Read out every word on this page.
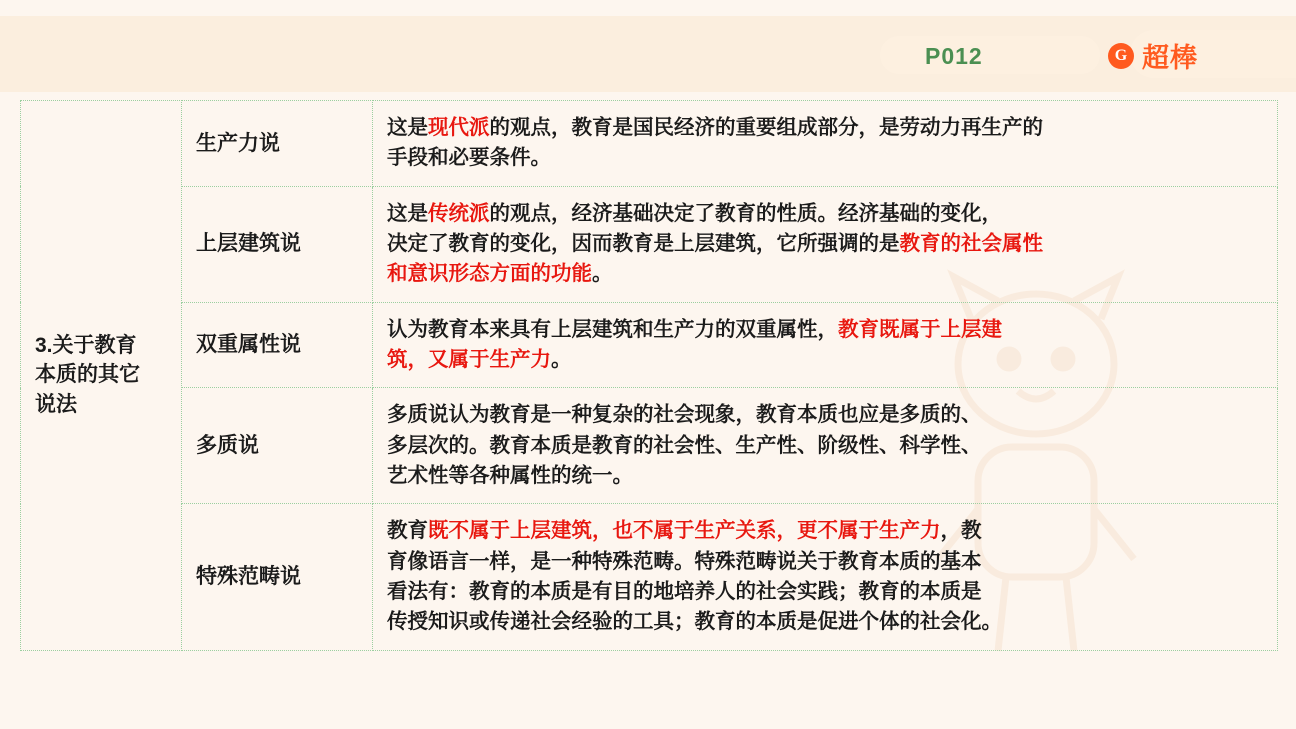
P012	G 超棒
3.关于教育
本质的其它
说法	生产力说	这是现代派的观点，教育是国民经济的重要组成部分，是劳动力再生产的
手段和必要条件。

	上层建筑说	这是传统派的观点，经济基础决定了教育的性质。经济基础的变化，
决定了教育的变化，因而教育是上层建筑，它所强调的是教育的社会属性
和意识形态方面的功能。

	双重属性说	认为教育本来具有上层建筑和生产力的双重属性，教育既属于上层建
筑，又属于生产力。

	多质说	多质说认为教育是一种复杂的社会现象，教育本质也应是多质的、
多层次的。教育本质是教育的社会性、生产性、阶级性、科学性、
艺术性等各种属性的统一。

	特殊范畴说	教育既不属于上层建筑，也不属于生产关系，更不属于生产力，教
育像语言一样，是一种特殊范畴。特殊范畴说关于教育本质的基本
看法有：教育的本质是有目的地培养人的社会实践；教育的本质是
传授知识或传递社会经验的工具；教育的本质是促进个体的社会化。
